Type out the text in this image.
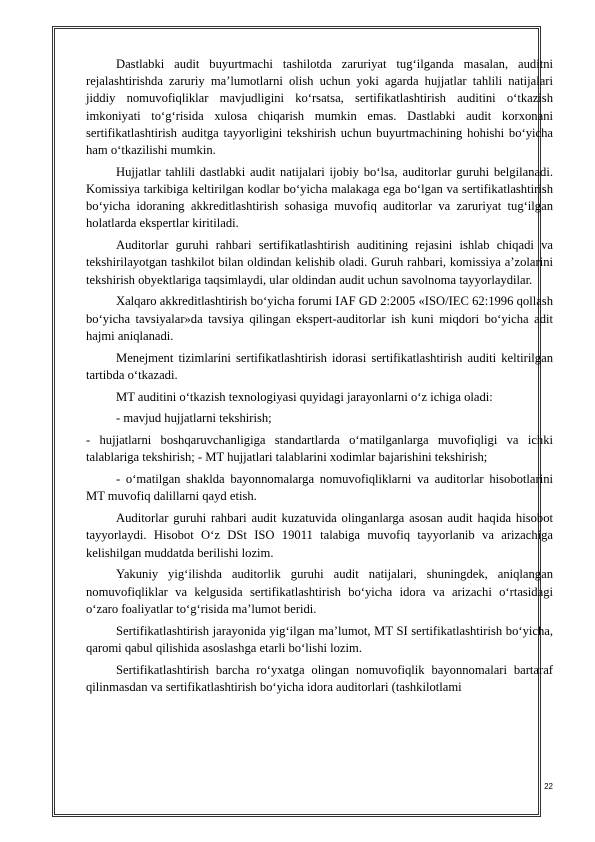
Dastlabki audit buyurtmachi tashilotda zaruriyat tug‘ilganda masalan, auditni rejalashtirishda zaruriy ma’lumotlarni olish uchun yoki agarda hujjatlar tahlili natijalari jiddiy nomuvofiqliklar mavjudligini ko‘rsatsa, sertifikatlashtirish auditini o‘tkazish imkoniyati to‘g‘risida xulosa chiqarish mumkin emas. Dastlabki audit korxonani sertifikatlashtirish auditga tayyorligini tekshirish uchun buyurtmachining hohishi bo‘yicha ham o‘tkazilishi mumkin.

Hujjatlar tahlili dastlabki audit natijalari ijobiy bo‘lsa, auditorlar guruhi belgilanadi. Komissiya tarkibiga keltirilgan kodlar bo‘yicha malakaga ega bo‘lgan va sertifikatlashtirish bo‘yicha idoraning akkreditlashtirish sohasiga muvofiq auditorlar va zaruriyat tug‘ilgan holatlarda ekspertlar kiritiladi.

Auditorlar guruhi rahbari sertifikatlashtirish auditining rejasini ishlab chiqadi va tekshirilayotgan tashkilot bilan oldindan kelishib oladi. Guruh rahbari, komissiya a’zolarini tekshirish obyektlariga taqsimlaydi, ular oldindan audit uchun savolnoma tayyorlaydilar.

Xalqaro akkreditlashtirish bo‘yicha forumi IAF GD 2:2005 «ISO/IEC 62:1996 qollash bo‘yicha tavsiyalar»da tavsiya qilingan ekspert-auditorlar ish kuni miqdori bo‘yicha adit hajmi aniqlanadi.

Menejment tizimlarini sertifikatlashtirish idorasi sertifikatlashtirish auditi keltirilgan tartibda o‘tkazadi.

MT auditini o‘tkazish texnologiyasi quyidagi jarayonlarni o‘z ichiga oladi:

- mavjud hujjatlarni tekshirish;

- hujjatlarni boshqaruvchanligiga standartlarda o‘matilganlarga muvofiqligi va ichki talablariga tekshirish; - MT hujjatlari talablarini xodimlar bajarishini tekshirish;

- o‘matilgan shaklda bayonnomalarga nomuvofiqliklarni va auditorlar hisobotlarini MT muvofiq dalillarni qayd etish.

Auditorlar guruhi rahbari audit kuzatuvida olinganlarga asosan audit haqida hisobot tayyorlaydi. Hisobot O‘z DSt ISO 19011 talabiga muvofiq tayyorlanib va arizachiga kelishilgan muddatda berilishi lozim.

Yakuniy yig‘ilishda auditorlik guruhi audit natijalari, shuningdek, aniqlangan nomuvofiqliklar va kelgusida sertifikatlashtirish bo‘yicha idora va arizachi o‘rtasidagi o‘zaro foaliyatlar to‘g‘risida ma’lumot beridi.

Sertifikatlashtirish jarayonida yig‘ilgan ma’lumot, MT SI sertifikatlashtirish bo‘yicha, qaromi qabul qilishida asoslashga etarli bo‘lishi lozim.

Sertifikatlashtirish barcha ro‘yxatga olingan nomuvofiqlik bayonnomalari bartaraf qilinmasdan va sertifikatlashtirish bo‘yicha idora auditorlari (tashkilotlami

22
